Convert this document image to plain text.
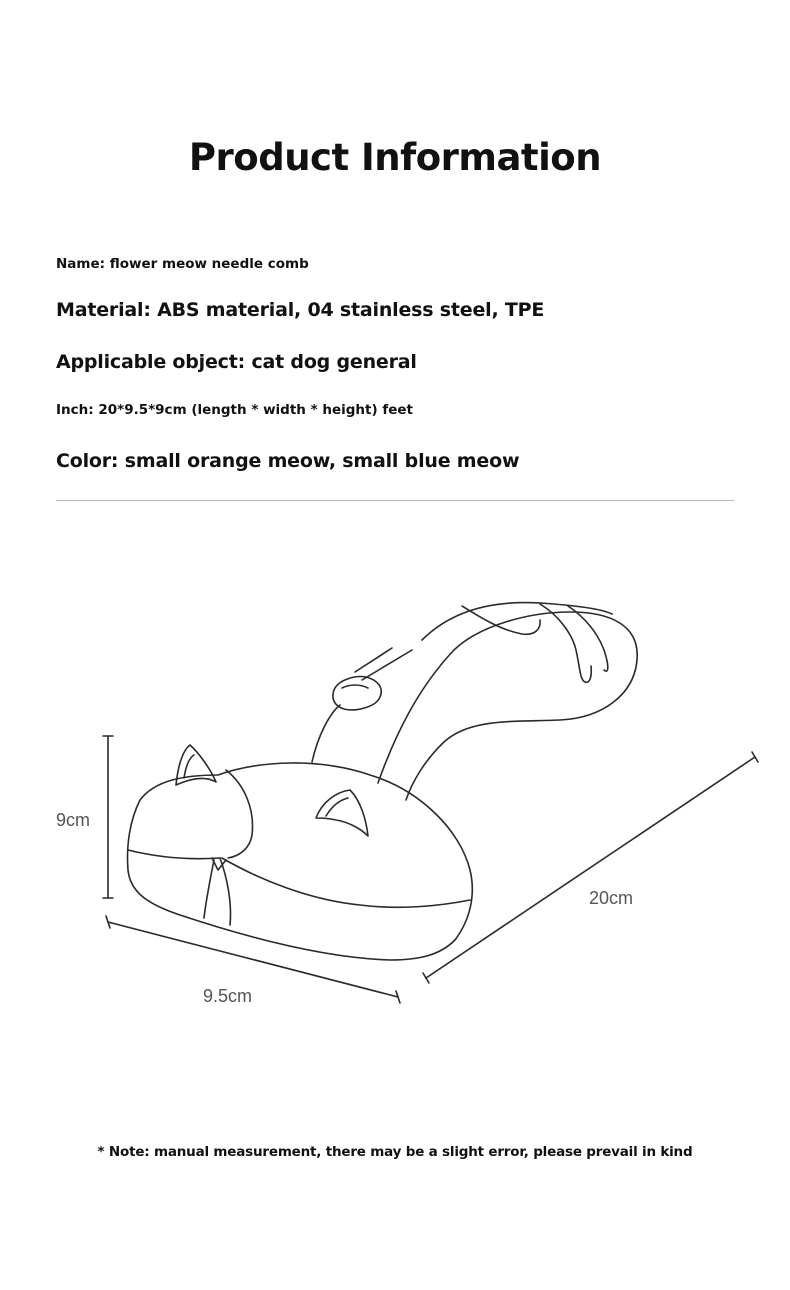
Product Information
Name: flower meow needle comb
Material: ABS material, 04 stainless steel, TPE
Applicable object: cat dog general
Inch: 20*9.5*9cm (length * width * height) feet
Color: small orange meow, small blue meow
9cm
9.5cm
20cm
* Note: manual measurement, there may be a slight error, please prevail in kind
